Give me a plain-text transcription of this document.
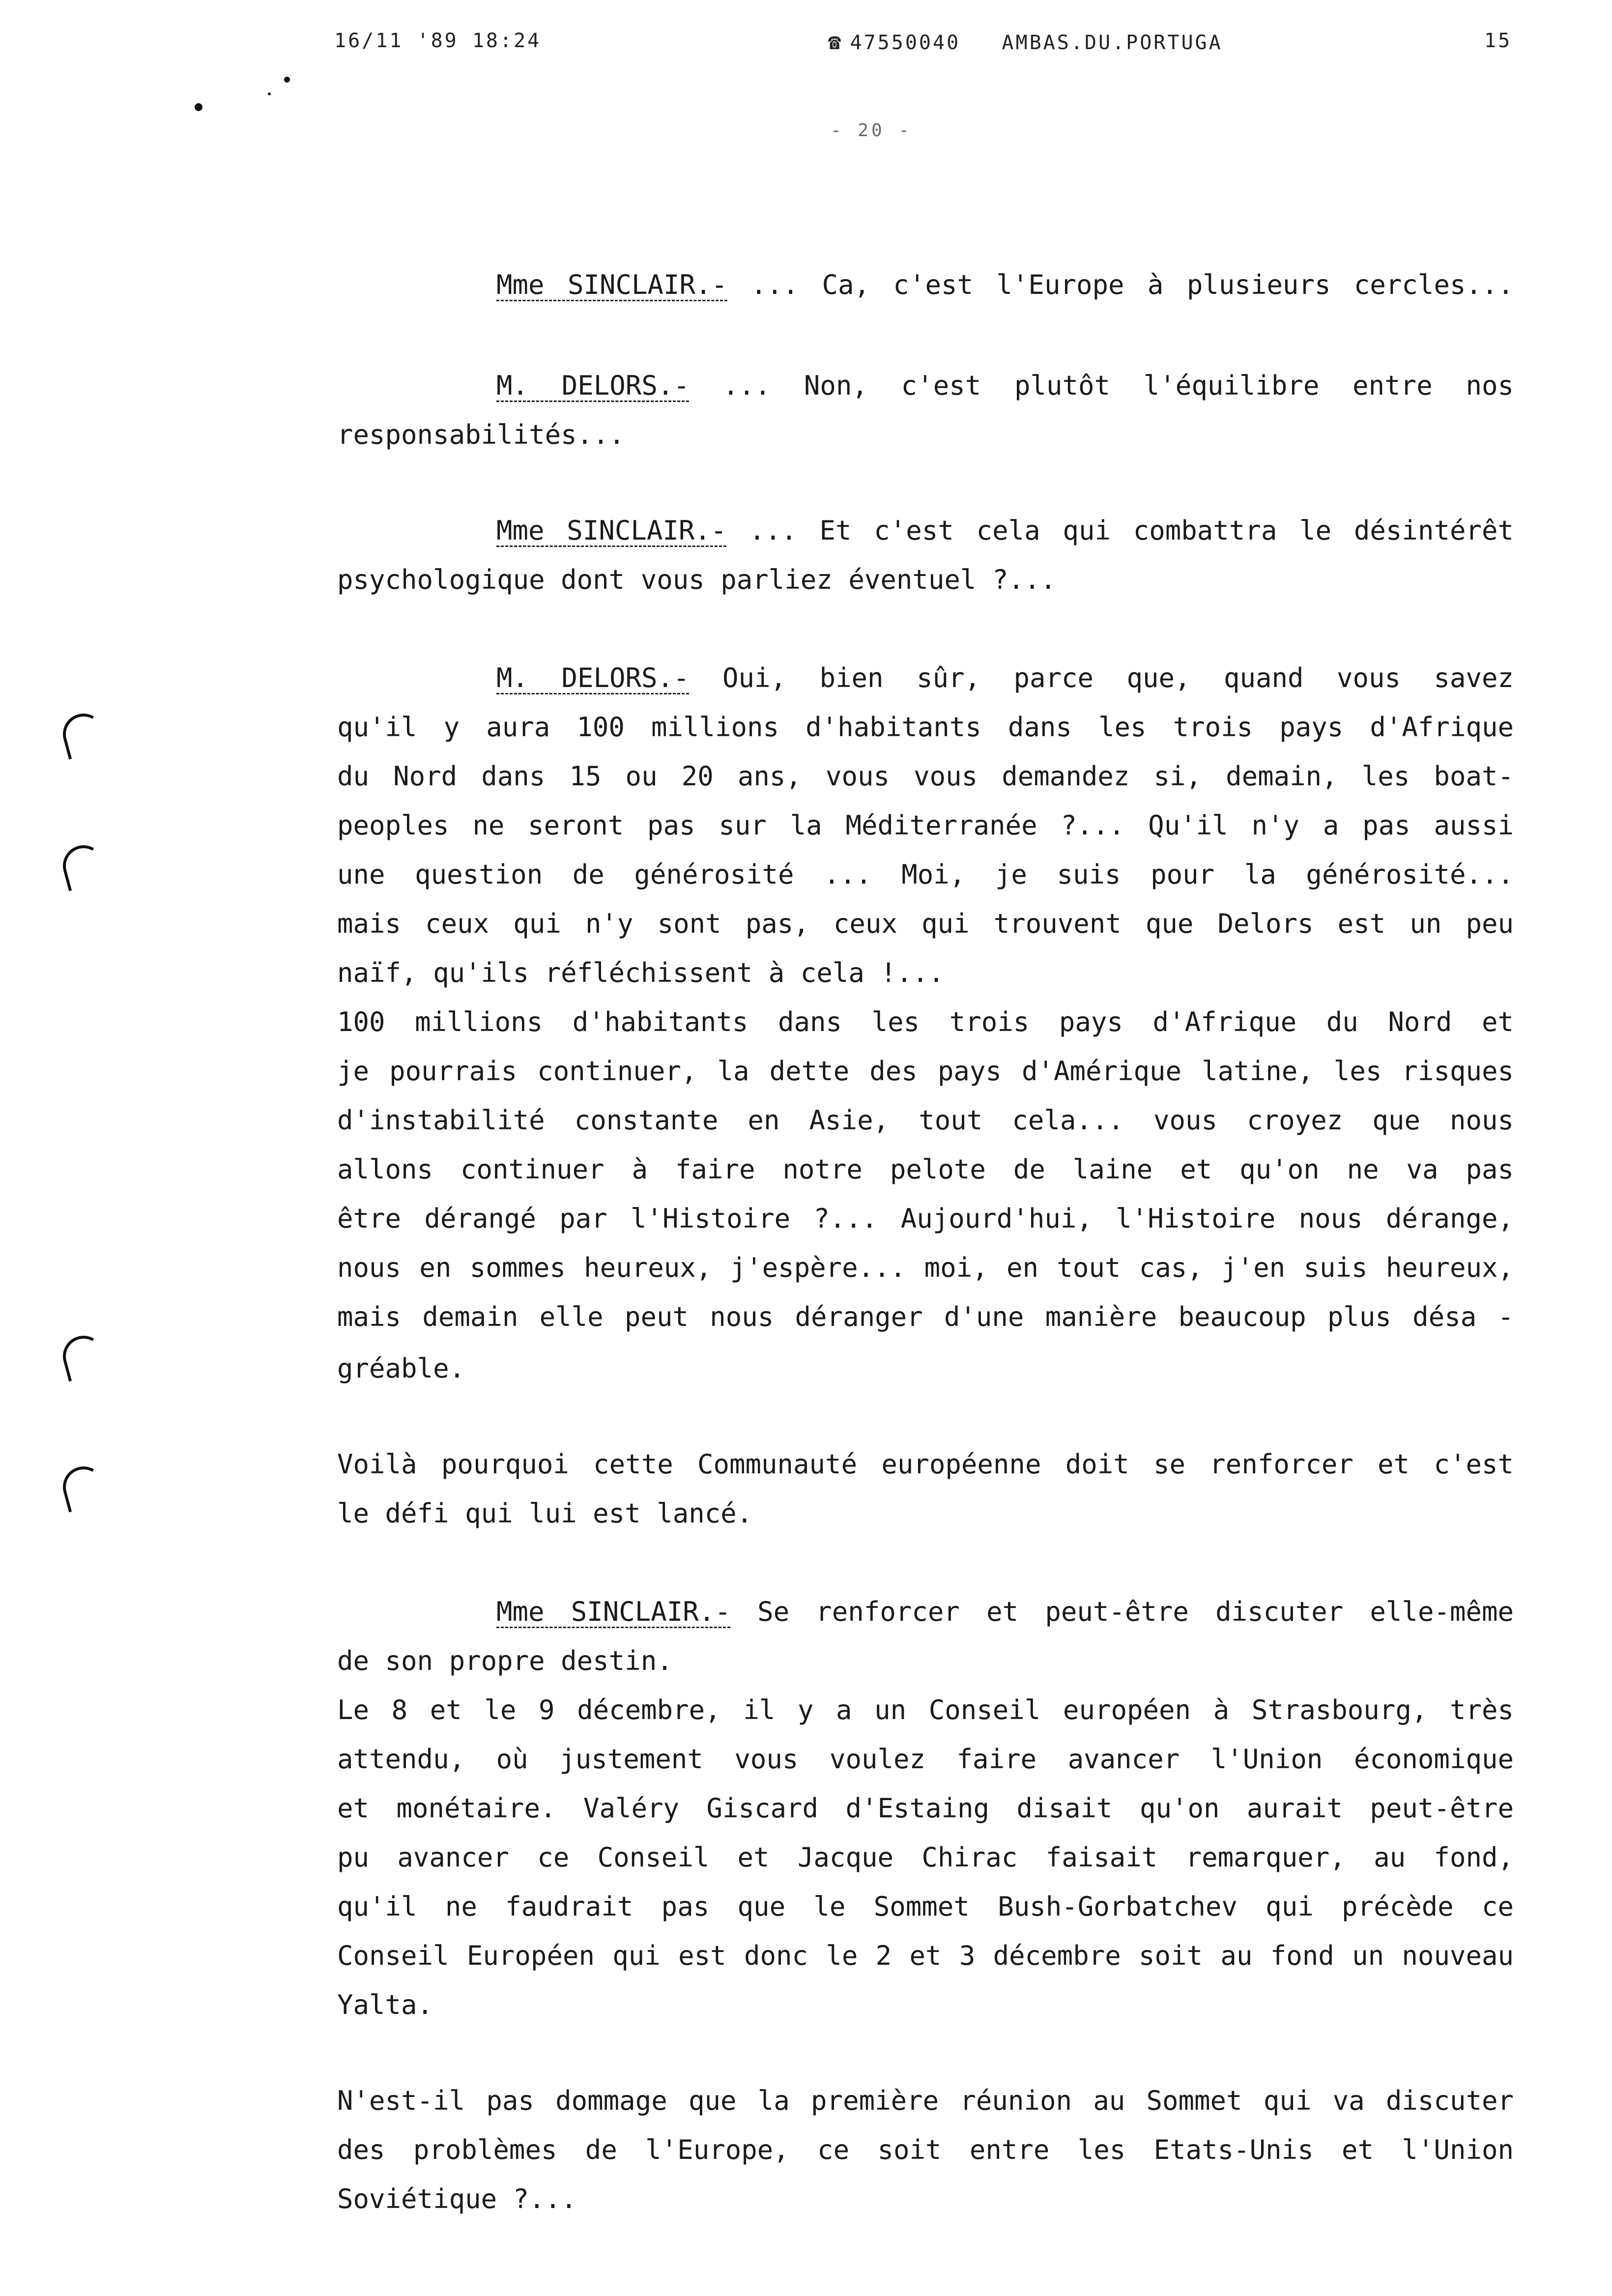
16/11 '89 18:24	☎ 47550040 AMBAS.DU.PORTUGA	15
- 20 -

Mme SINCLAIR.- ... Ca, c'est l'Europe à plusieurs cercles...

M. DELORS.- ... Non, c'est plutôt l'équilibre entre nos

responsabilités...

Mme SINCLAIR.- ... Et c'est cela qui combattra le désintérêt

psychologique dont vous parliez éventuel ?...

M. DELORS.- Oui, bien sûr, parce que, quand vous savez

qu'il y aura 100 millions d'habitants dans les trois pays d'Afrique

du Nord dans 15 ou 20 ans, vous vous demandez si, demain, les boat-

peoples ne seront pas sur la Méditerranée ?... Qu'il n'y a pas aussi

une question de générosité ... Moi, je suis pour la générosité...

mais ceux qui n'y sont pas, ceux qui trouvent que Delors est un peu

naïf, qu'ils réfléchissent à cela !...

100 millions d'habitants dans les trois pays d'Afrique du Nord et

je pourrais continuer, la dette des pays d'Amérique latine, les risques

d'instabilité constante en Asie, tout cela... vous croyez que nous

allons continuer à faire notre pelote de laine et qu'on ne va pas

être dérangé par l'Histoire ?... Aujourd'hui, l'Histoire nous dérange,

nous en sommes heureux, j'espère... moi, en tout cas, j'en suis heureux,

mais demain elle peut nous déranger d'une manière beaucoup plus désa -

gréable.

Voilà pourquoi cette Communauté européenne doit se renforcer et c'est

le défi qui lui est lancé.

Mme SINCLAIR.- Se renforcer et peut-être discuter elle-même

de son propre destin.

Le 8 et le 9 décembre, il y a un Conseil européen à Strasbourg, très

attendu, où justement vous voulez faire avancer l'Union économique

et monétaire. Valéry Giscard d'Estaing disait qu'on aurait peut-être

pu avancer ce Conseil et Jacque Chirac faisait remarquer, au fond,

qu'il ne faudrait pas que le Sommet Bush-Gorbatchev qui précède ce

Conseil Européen qui est donc le 2 et 3 décembre soit au fond un nouveau

Yalta.

N'est-il pas dommage que la première réunion au Sommet qui va discuter

des problèmes de l'Europe, ce soit entre les Etats-Unis et l'Union

Soviétique ?...
